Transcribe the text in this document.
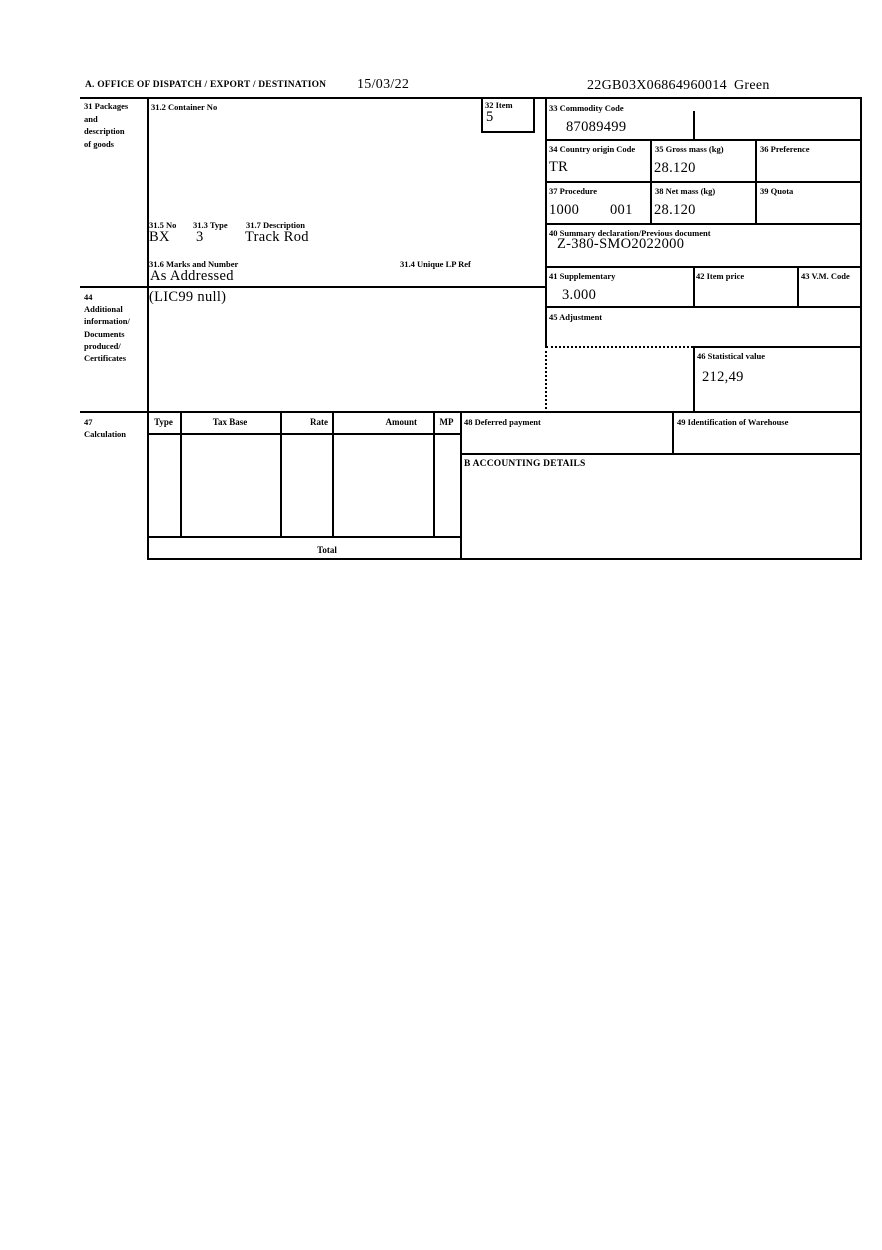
A. OFFICE OF DISPATCH / EXPORT / DESTINATION 15/03/22	22GB03X06864960014 Green
31 Packages
and
description
of goods
31.2 Container No	32 Item
5
33 Commodity Code
87089499
34 Country origin Code
TR
35 Gross mass (kg)
28.120
36 Preference
37 Procedure
1000 001
38 Net mass (kg)
28.120
39 Quota
40 Summary declaration/Previous document
Z-380-SMO2022000
41 Supplementary
3.000
42 Item price	43 V.M. Code
31.5 No 31.3 Type 31.7 Description
BX 3	Track Rod
31.6 Marks and Number
As Addressed
31.4 Unique LP Ref
44
Additional
information/
Documents
produced/
Certificates
(LIC99 null)
45 Adjustment
46 Statistical value
212,49
47
Calculation
Type	Tax Base	Rate	Amount	MP
Total
48 Deferred payment	49 Identification of Warehouse
B ACCOUNTING DETAILS
